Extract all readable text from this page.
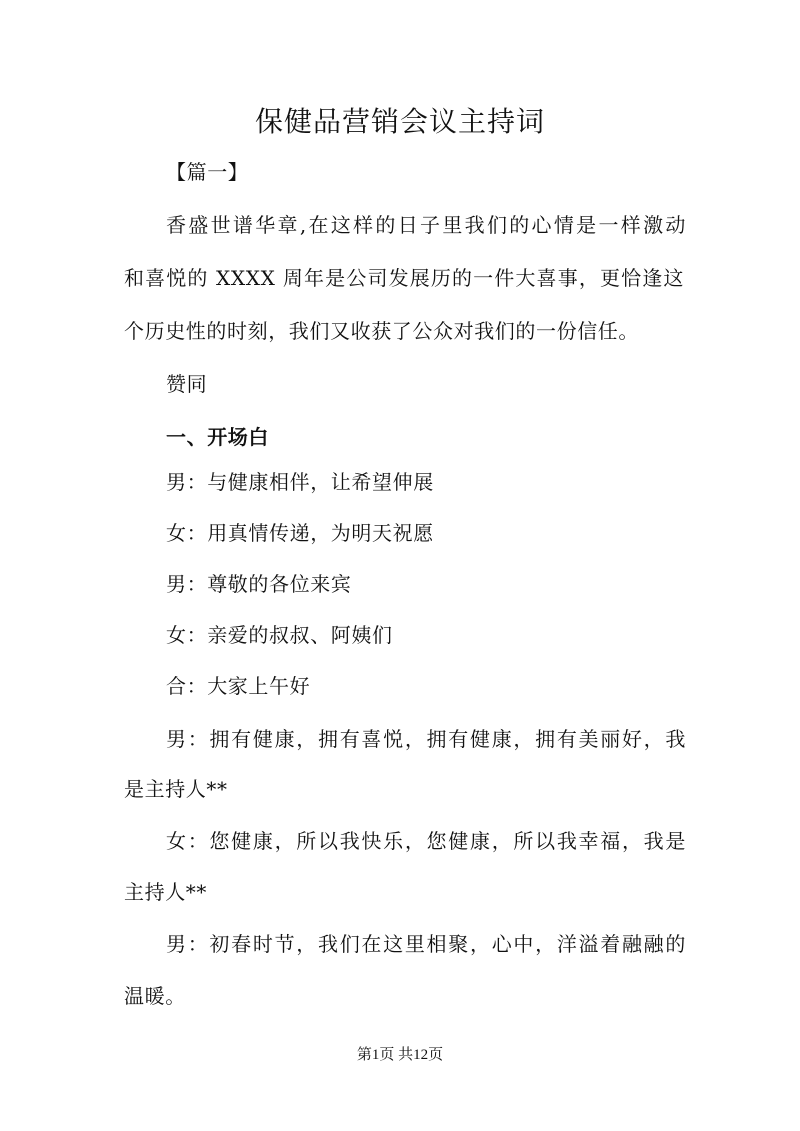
保健品营销会议主持词
【篇一】
香盛世谱华章,在这样的日子里我们的心情是一样激动
和喜悦的 XXXX 周年是公司发展历的一件大喜事，更恰逢这
个历史性的时刻，我们又收获了公众对我们的一份信任。
赞同
一、开场白
男：与健康相伴，让希望伸展
女：用真情传递，为明天祝愿
男：尊敬的各位来宾
女：亲爱的叔叔、阿姨们
合：大家上午好
男：拥有健康，拥有喜悦，拥有健康，拥有美丽好，我
是主持人**
女：您健康，所以我快乐，您健康，所以我幸福，我是
主持人**
男：初春时节，我们在这里相聚，心中，洋溢着融融的
温暖。
第1页 共12页
